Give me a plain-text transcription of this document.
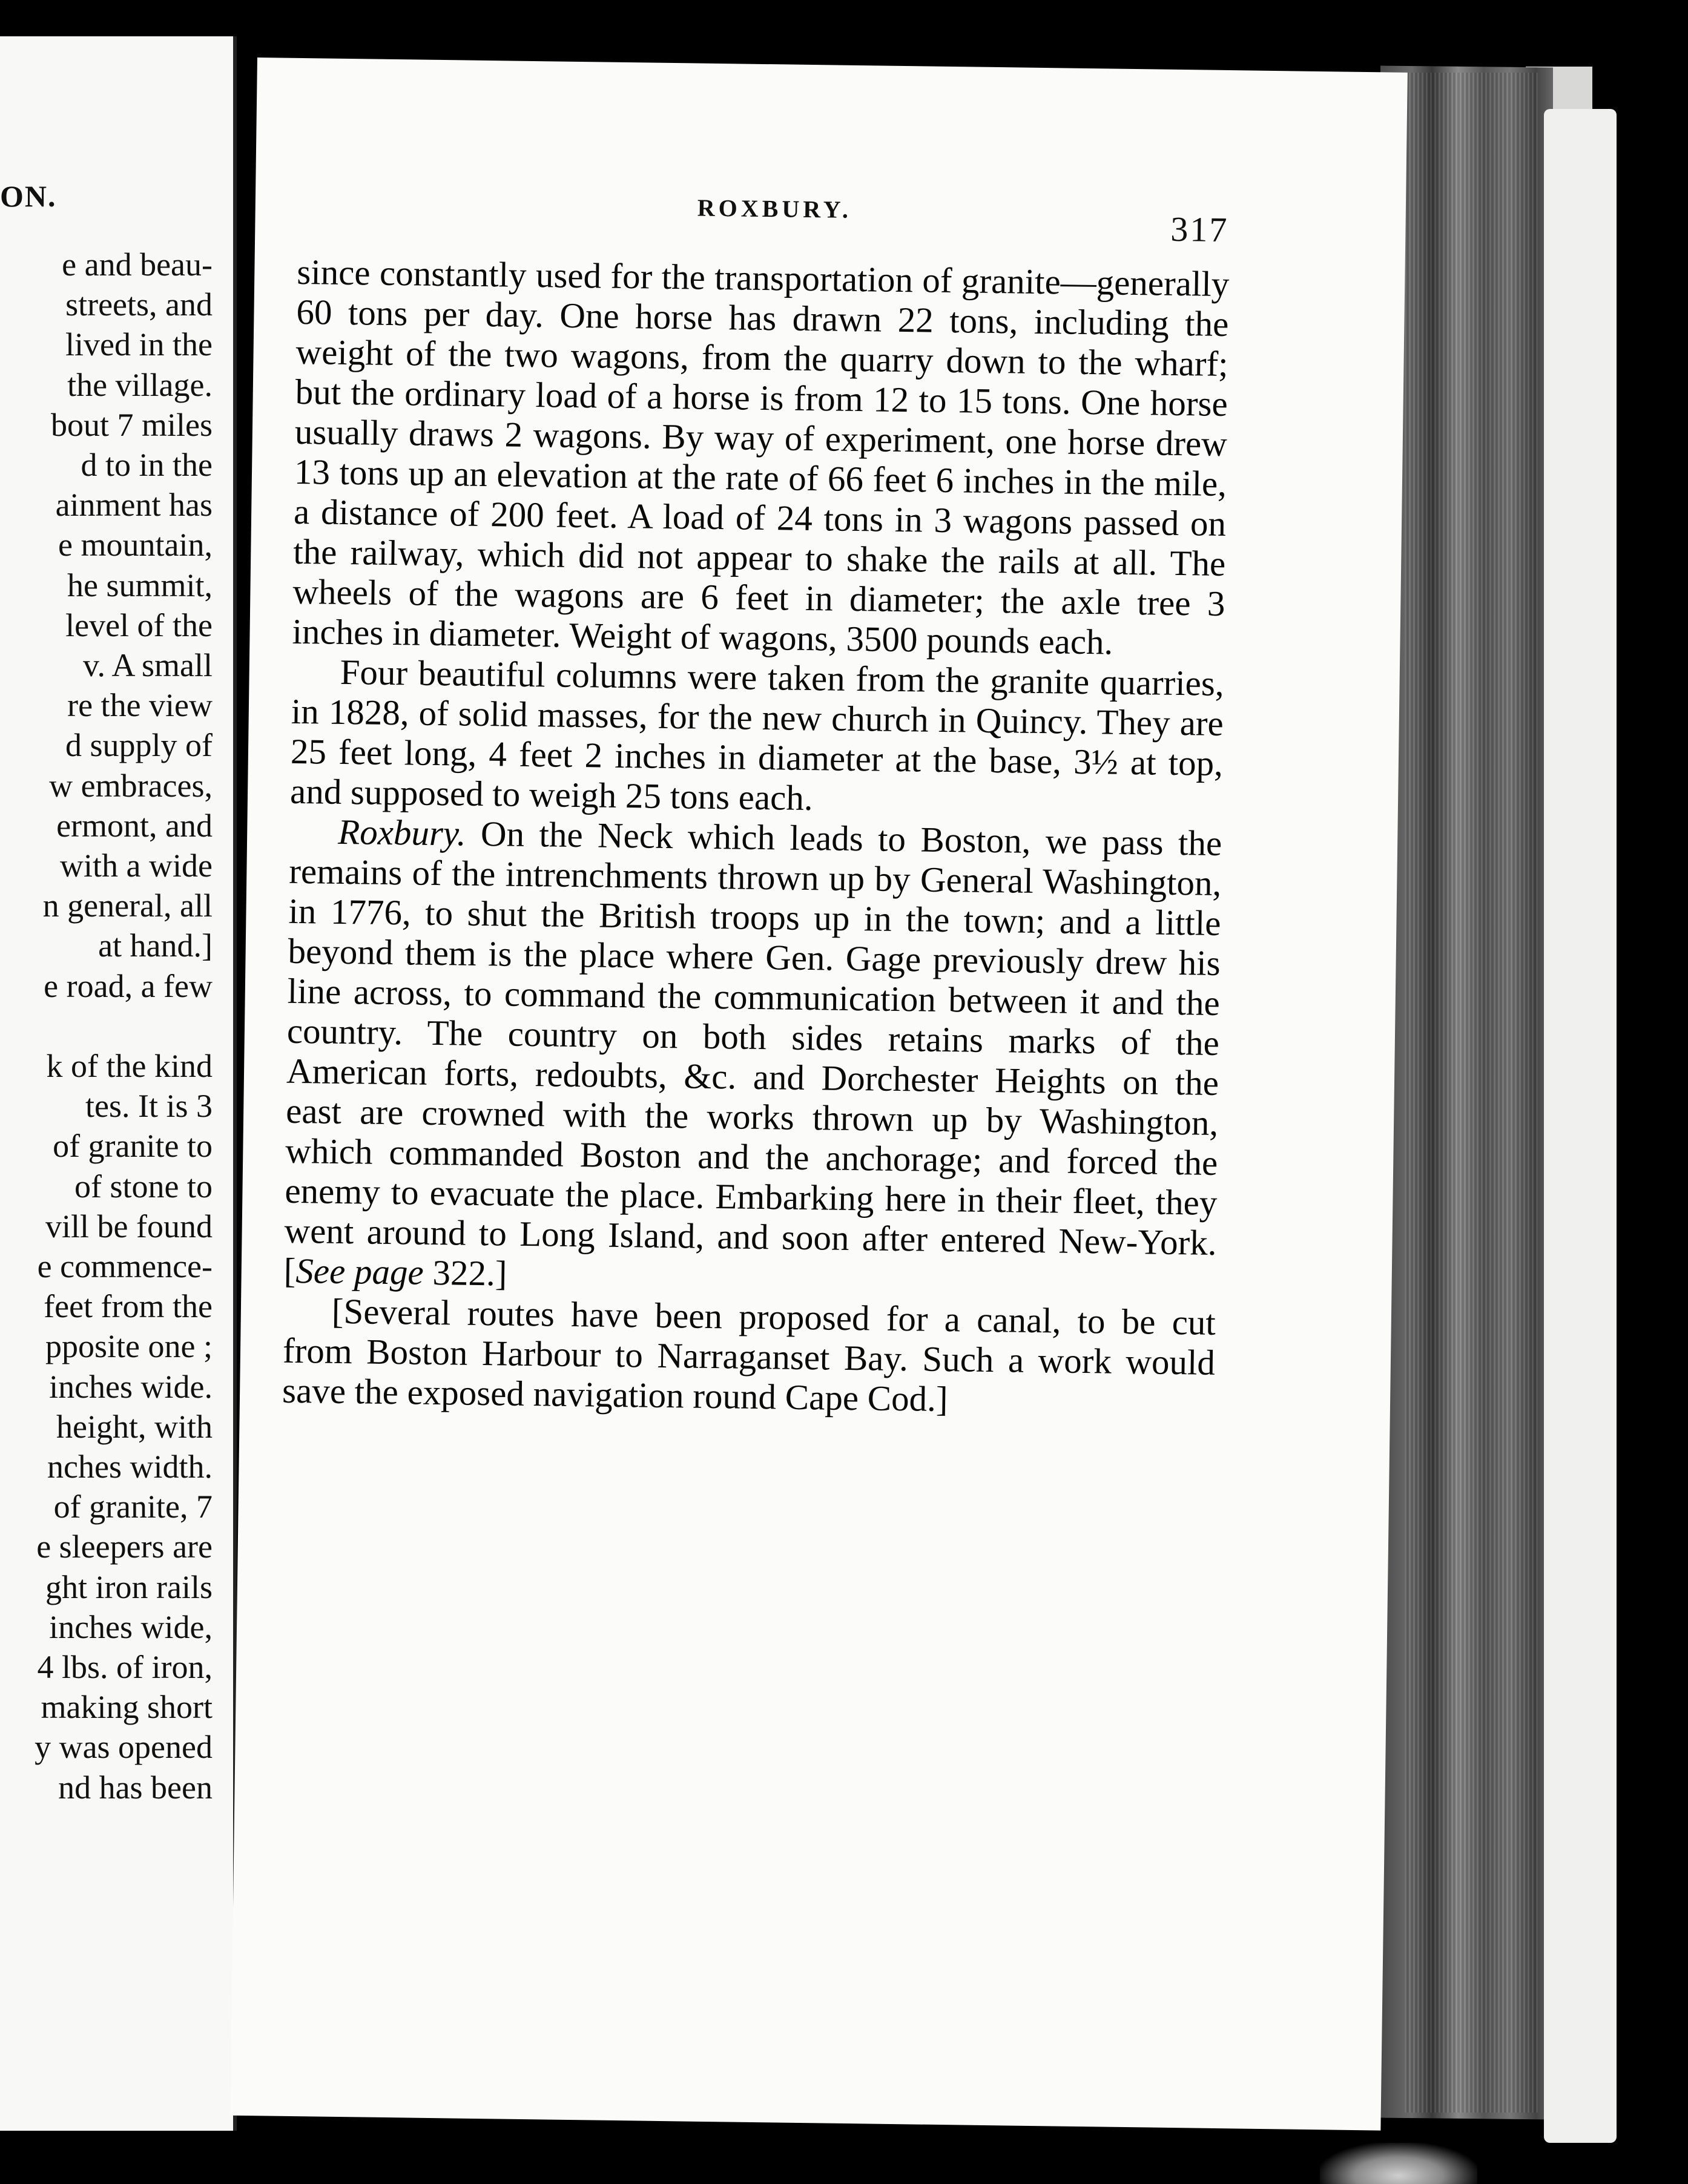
ON.
e and beau-
streets, and
lived in the
the village.
bout 7 miles
d to in the
ainment has
e mountain,
he summit,
level of the
v. A small
re the view
d supply of
w embraces,
ermont, and
with a wide
n general, all
at hand.]
e road, a few
k of the kind
tes. It is 3
of granite to
of stone to
vill be found
e commence-
feet from the
pposite one ;
inches wide.
height, with
nches width.
of granite, 7
e sleepers are
ght iron rails
inches wide,
4 lbs. of iron,
making short
y was opened
nd has been
ROXBURY.
317

since constantly used for the transportation of granite—generally 60 tons per day. One horse has drawn 22 tons, including the weight of the two wagons, from the quarry down to the wharf; but the ordinary load of a horse is from 12 to 15 tons. One horse usually draws 2 wagons. By way of experiment, one horse drew 13 tons up an elevation at the rate of 66 feet 6 inches in the mile, a distance of 200 feet. A load of 24 tons in 3 wagons passed on the railway, which did not appear to shake the rails at all. The wheels of the wagons are 6 feet in diameter; the axle tree 3 inches in diameter. Weight of wagons, 3500 pounds each.

Four beautiful columns were taken from the granite quarries, in 1828, of solid masses, for the new church in Quincy. They are 25 feet long, 4 feet 2 inches in diameter at the base, 3½ at top, and supposed to weigh 25 tons each.

Roxbury. On the Neck which leads to Boston, we pass the remains of the intrenchments thrown up by General Washington, in 1776, to shut the British troops up in the town; and a little beyond them is the place where Gen. Gage previously drew his line across, to command the communication between it and the country. The country on both sides retains marks of the American forts, redoubts, &c. and Dorchester Heights on the east are crowned with the works thrown up by Washington, which commanded Boston and the anchorage; and forced the enemy to evacuate the place. Embarking here in their fleet, they went around to Long Island, and soon after entered New-York. [See page 322.]

[Several routes have been proposed for a canal, to be cut from Boston Harbour to Narraganset Bay. Such a work would save the exposed navigation round Cape Cod.]
